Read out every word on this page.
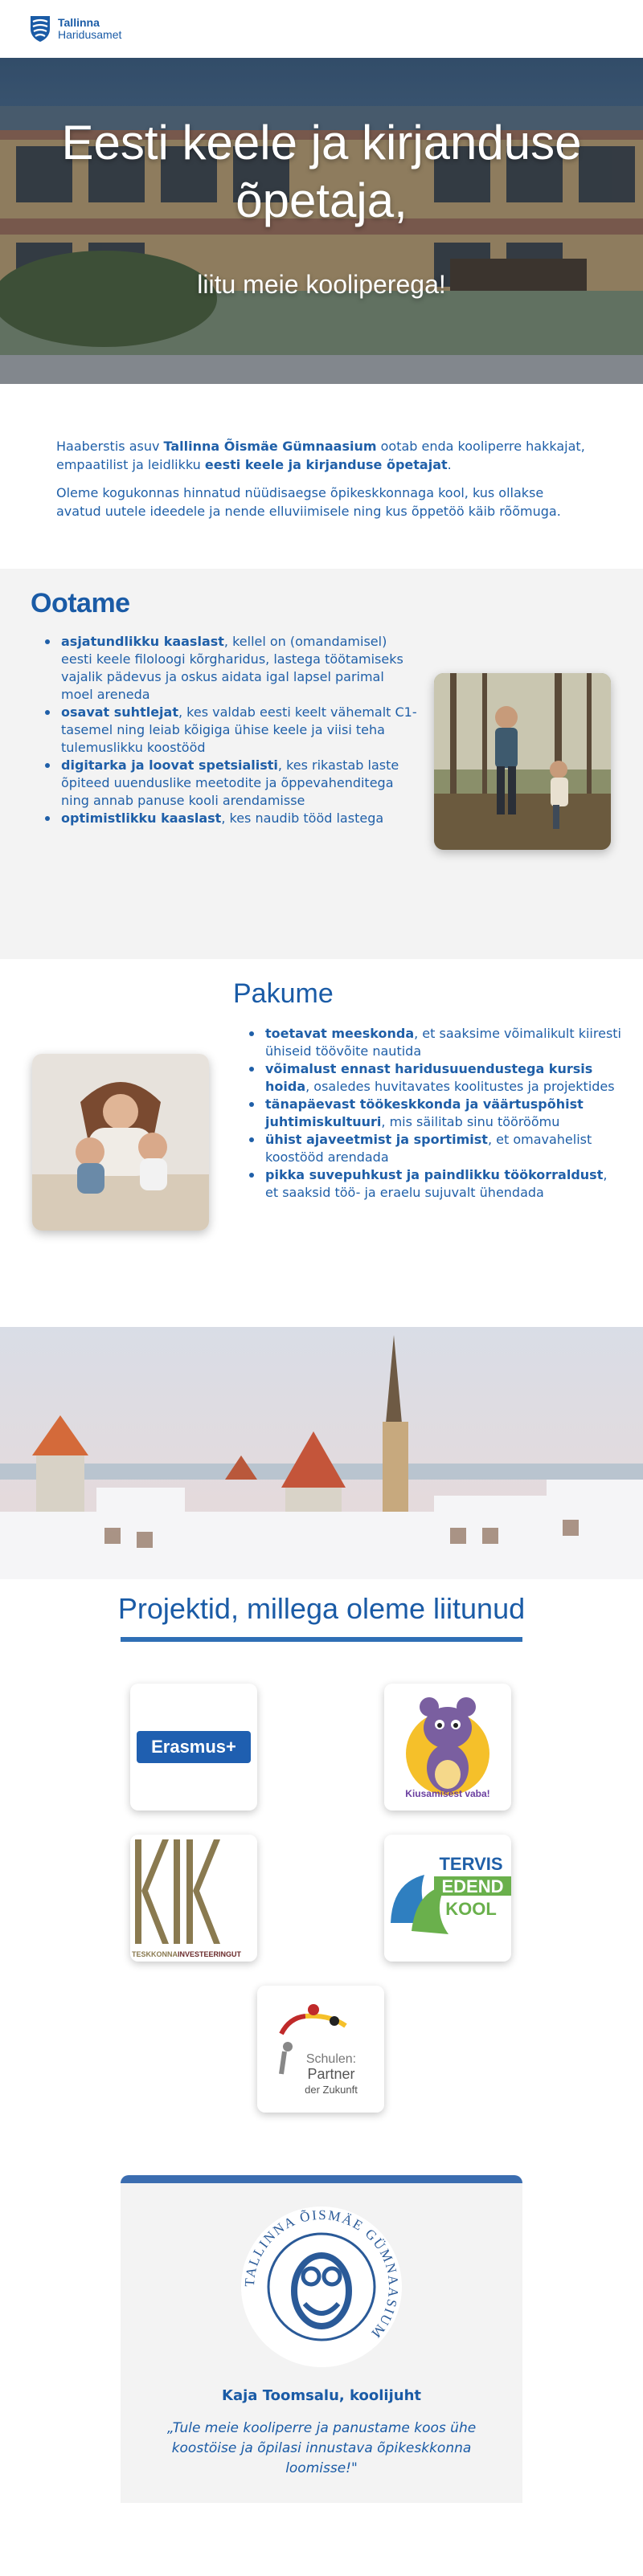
Tallinna
Haridusamet
Eesti keele ja kirjanduse
õpetaja,
liitu meie kooliperega!

Haaberstis asuv Tallinna Õismäe Gümnaasium ootab enda kooliperre hakkajat, empaatilist ja leidlikku eesti keele ja kirjanduse õpetajat.

Oleme kogukonnas hinnatud nüüdisaegse õpikeskkonnaga kool, kus ollakse avatud uutele ideedele ja nende elluviimisele ning kus õppetöö käib rõõmuga.

Ootame
asjatundlikku kaaslast, kellel on (omandamisel) eesti keele filoloogi kõrgharidus, lastega töötamiseks vajalik pädevus ja oskus aidata igal lapsel parimal moel areneda
osavat suhtlejat, kes valdab eesti keelt vähemalt C1-tasemel ning leiab kõigiga ühise keele ja viisi teha tulemuslikku koostööd
digitarka ja loovat spetsialisti, kes rikastab laste õpiteed uuenduslike meetodite ja õppevahenditega ning annab panuse kooli arendamisse
optimistlikku kaaslast, kes naudib tööd lastega
Pakume
toetavat meeskonda, et saaksime võimalikult kiiresti ühiseid töövõite nautida
võimalust ennast haridusuuendustega kursis hoida, osaledes huvitavates koolitustes ja projektides
tänapäevast töökeskkonda ja väärtuspõhist juhtimiskultuuri, mis säilitab sinu tööröõmu
ühist ajaveetmist ja sportimist, et omavahelist koostööd arendada
pikka suvepuhkust ja paindlikku töökorraldust, et saaksid töö- ja eraelu sujuvalt ühendada
Projektid, millega oleme liitunud
Erasmus+
Kiusamisest vaba!
TESKKONNAINVESTEERINGUT
KIK
TERVIS
EDEND
KOOL
Schulen:
Partner
der Zukunft
TALLINNA ÕISMÄE GÜMNAASIUM
Kaja Toomsalu, koolijuht
„Tule meie kooliperre ja panustame koos ühe koostöise ja õpilasi innustava õpikeskkonna loomisse!"
